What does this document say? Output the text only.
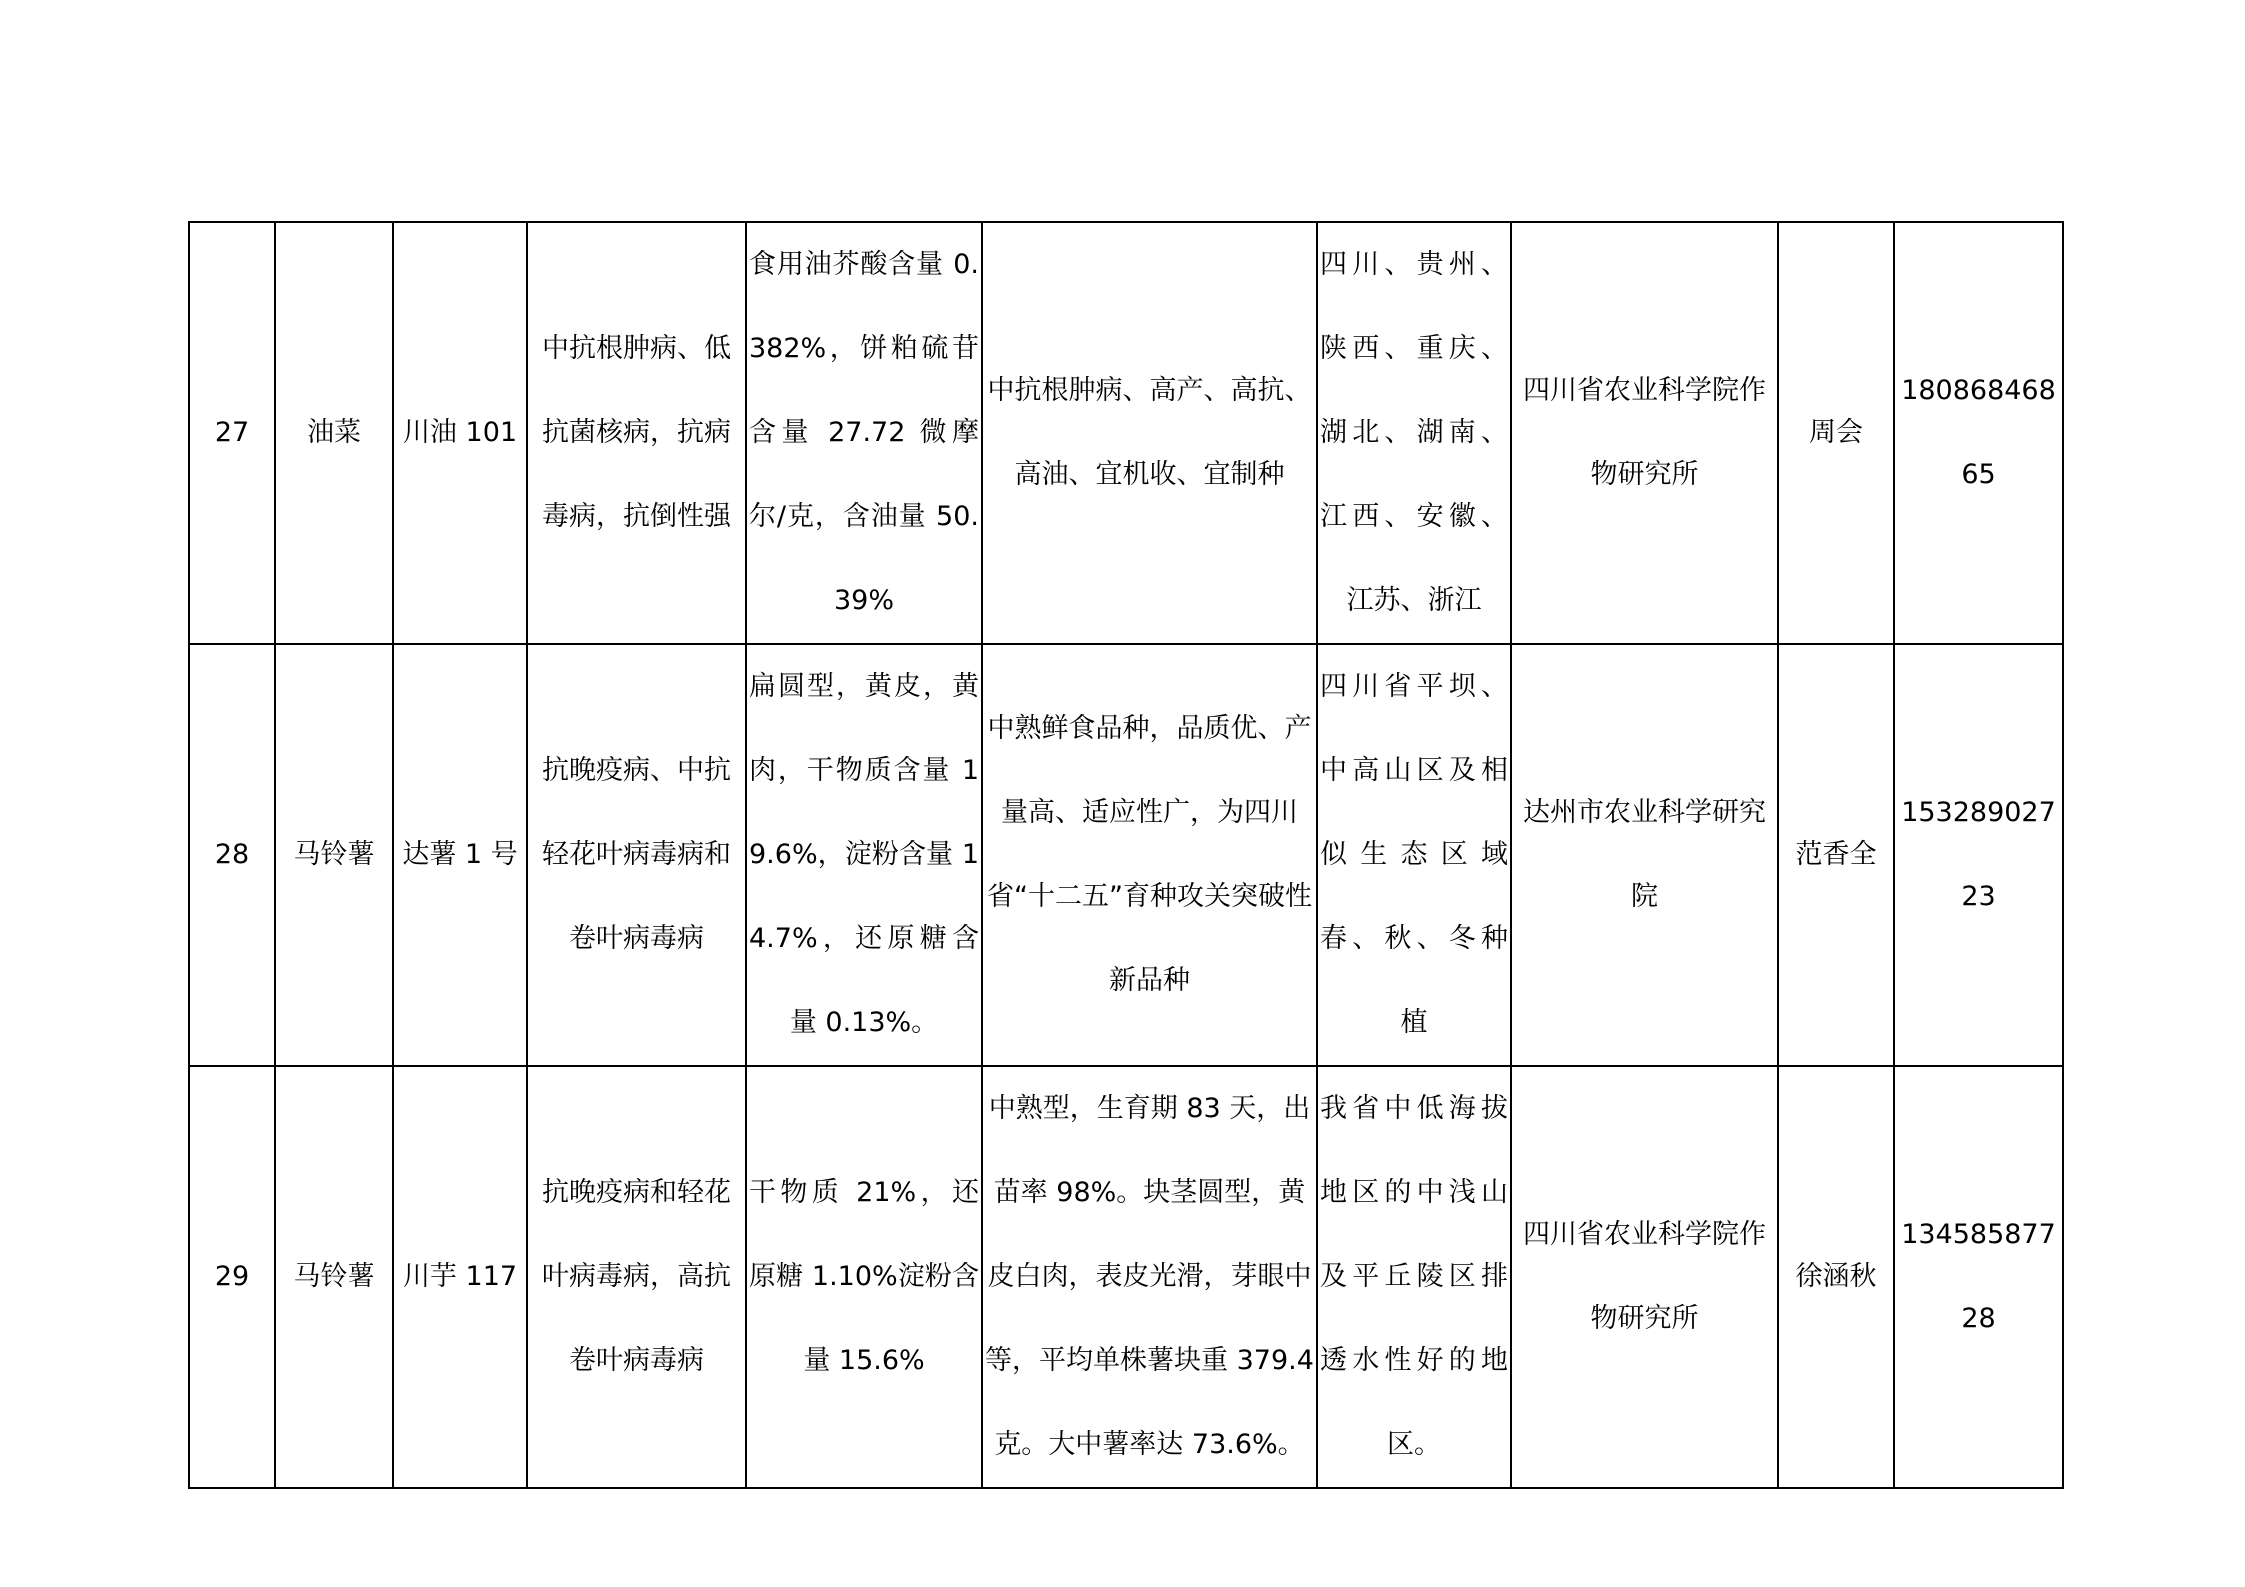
27	油菜	川油 101	中抗根肿病、低抗菌核病，抗病毒病，抗倒性强	食用油芥酸含量 0.382%，饼粕硫苷含量 27.72 微摩尔/克，含油量 50.39%	中抗根肿病、高产、高抗、高油、宜机收、宜制种	四川、贵州、陕西、重庆、湖北、湖南、江西、安徽、江苏、浙江	四川省农业科学院作物研究所	周会	18086846865
28	马铃薯	达薯 1 号	抗晚疫病、中抗轻花叶病毒病和卷叶病毒病	扁圆型，黄皮，黄肉，干物质含量 19.6%，淀粉含量 14.7%，还原糖含量 0.13%。	中熟鲜食品种，品质优、产量高、适应性广，为四川省“十二五”育种攻关突破性新品种	四川省平坝、中高山区及相似生态区域春、秋、冬种植	达州市农业科学研究院	范香全	15328902723
29	马铃薯	川芋 117	抗晚疫病和轻花叶病毒病，高抗卷叶病毒病	干物质 21%，还原糖 1.10%淀粉含量 15.6%	中熟型，生育期 83 天，出苗率 98%。块茎圆型，黄皮白肉，表皮光滑，芽眼中等，平均单株薯块重 379.4 克。大中薯率达 73.6%。	我省中低海拔地区的中浅山及平丘陵区排透水性好的地区。	四川省农业科学院作物研究所	徐涵秋	13458587728
